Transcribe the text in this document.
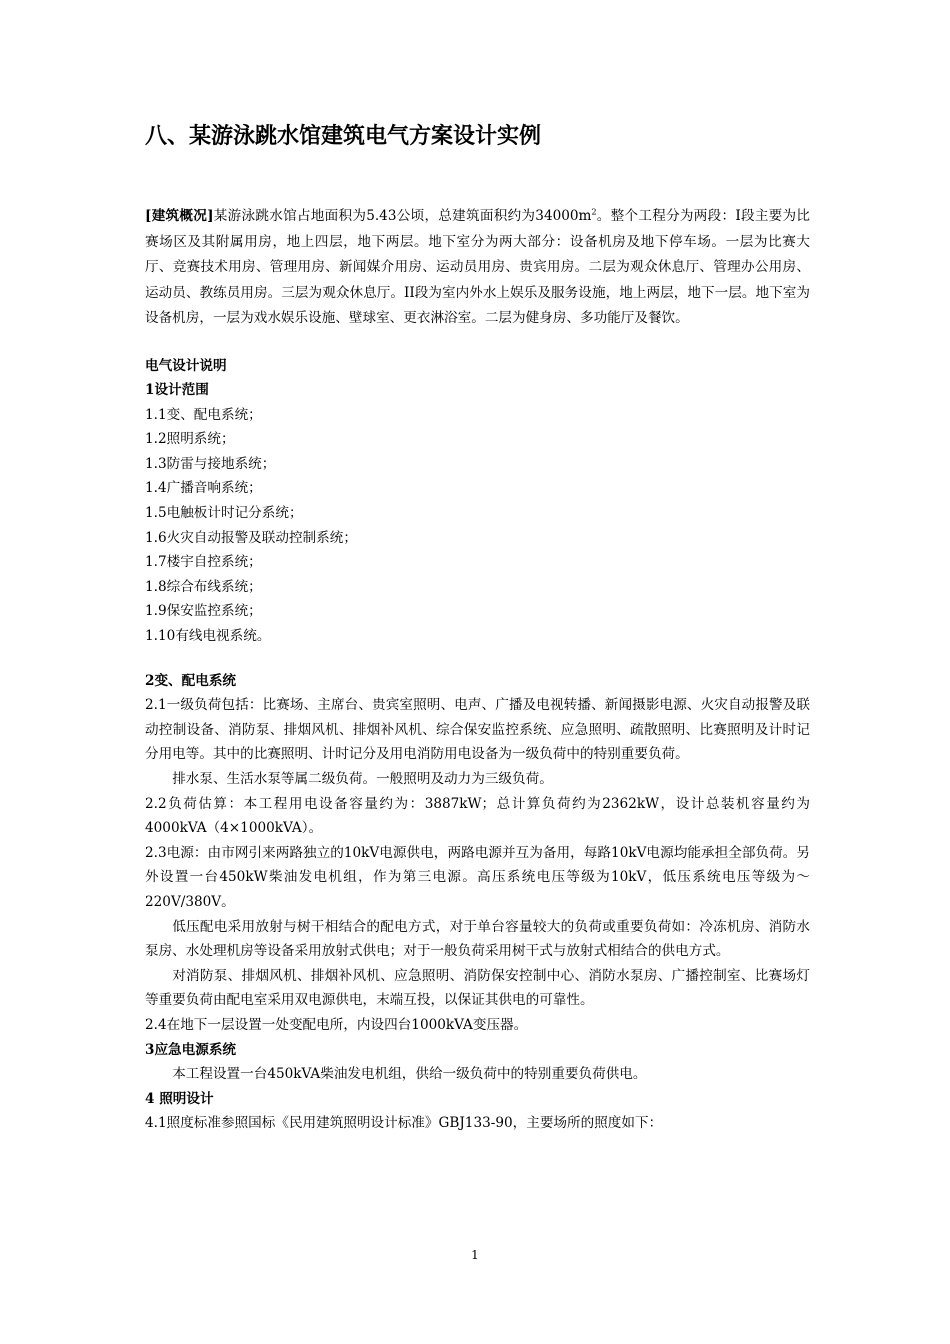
八、某游泳跳水馆建筑电气方案设计实例

[建筑概况]某游泳跳水馆占地面积为5.43公顷，总建筑面积约为$34000m^2$。整个工程分为两段：I段主要为比赛场区及其附属用房，地上四层，地下两层。地下室分为两大部分：设备机房及地下停车场。一层为比赛大厅、竞赛技术用房、管理用房、新闻媒介用房、运动员用房、贵宾用房。二层为观众休息厅、管理办公用房、运动员、教练员用房。三层为观众休息厅。II段为室内外水上娱乐及服务设施，地上两层，地下一层。地下室为设备机房，一层为戏水娱乐设施、壁球室、更衣淋浴室。二层为健身房、多功能厅及餐饮。

电气设计说明

1设计范围

1.1变、配电系统；

1.2照明系统；

1.3防雷与接地系统；

1.4广播音响系统；

1.5电触板计时记分系统；

1.6火灾自动报警及联动控制系统；

1.7楼宇自控系统；

1.8综合布线系统；

1.9保安监控系统；

1.10有线电视系统。

2变、配电系统

2.1一级负荷包括：比赛场、主席台、贵宾室照明、电声、广播及电视转播、新闻摄影电源、火灾自动报警及联动控制设备、消防泵、排烟风机、排烟补风机、综合保安监控系统、应急照明、疏散照明、比赛照明及计时记分用电等。其中的比赛照明、计时记分及用电消防用电设备为一级负荷中的特别重要负荷。

排水泵、生活水泵等属二级负荷。一般照明及动力为三级负荷。

2.2负荷估算：本工程用电设备容量约为：3887kW；总计算负荷约为2362kW，设计总装机容量约为4000kVA（4×1000kVA）。

2.3电源：由市网引来两路独立的10kV电源供电，两路电源并互为备用，每路10kV电源均能承担全部负荷。另外设置一台450kW柴油发电机组，作为第三电源。高压系统电压等级为10kV，低压系统电压等级为～220V/380V。

低压配电采用放射与树干相结合的配电方式，对于单台容量较大的负荷或重要负荷如：冷冻机房、消防水泵房、水处理机房等设备采用放射式供电；对于一般负荷采用树干式与放射式相结合的供电方式。

对消防泵、排烟风机、排烟补风机、应急照明、消防保安控制中心、消防水泵房、广播控制室、比赛场灯等重要负荷由配电室采用双电源供电，末端互投，以保证其供电的可靠性。

2.4在地下一层设置一处变配电所，内设四台1000kVA变压器。

3应急电源系统

本工程设置一台450kVA柴油发电机组，供给一级负荷中的特别重要负荷供电。

4 照明设计

4.1照度标准参照国标《民用建筑照明设计标准》GBJ133-90，主要场所的照度如下：

1
